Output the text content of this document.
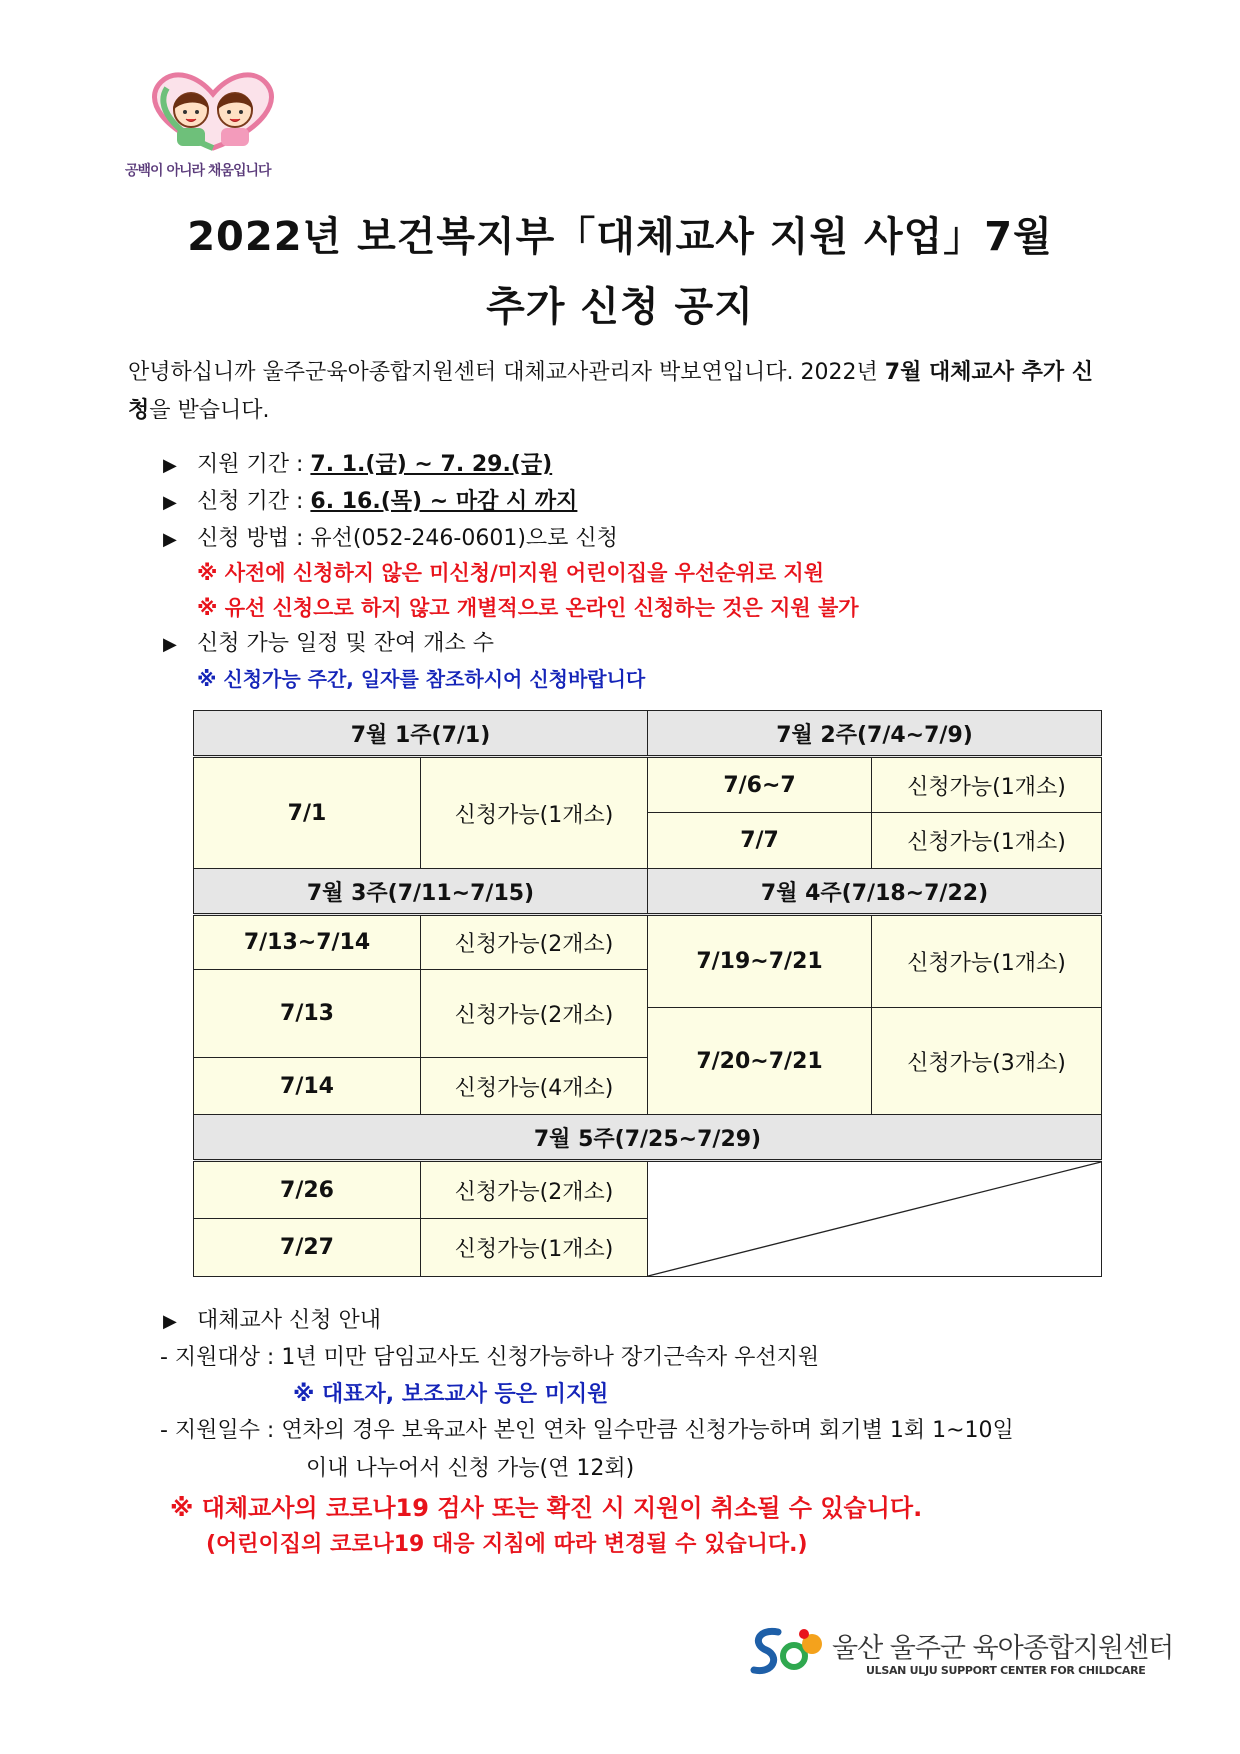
공백이 아니라 채움입니다
2022년 보건복지부「대체교사 지원 사업」7월
추가 신청 공지
안녕하십니까 울주군육아종합지원센터 대체교사관리자 박보연입니다. 2022년 7월 대체교사 추가 신청을 받습니다.
▶ 지원 기간 : 7. 1.(금) ~ 7. 29.(금)
▶ 신청 기간 : 6. 16.(목) ~ 마감 시 까지
▶ 신청 방법 : 유선(052-246-0601)으로 신청
※ 사전에 신청하지 않은 미신청/미지원 어린이집을 우선순위로 지원
※ 유선 신청으로 하지 않고 개별적으로 온라인 신청하는 것은 지원 불가
▶ 신청 가능 일정 및 잔여 개소 수
※ 신청가능 주간, 일자를 참조하시어 신청바랍니다
7월 1주(7/1)		7월 2주(7/4~7/9)	
7/1	신청가능(1개소)	7/6~7	신청가능(1개소)
		7/7	신청가능(1개소)
7월 3주(7/11~7/15)		7월 4주(7/18~7/22)	
7/13~7/14	신청가능(2개소)	7/19~7/21	신청가능(1개소)
7/13	신청가능(2개소)		
		7/20~7/21	신청가능(3개소)
7/14	신청가능(4개소)		
7월 5주(7/25~7/29)			
7/26	신청가능(2개소)	

7/27	신청가능(1개소)		
▶ 대체교사 신청 안내
- 지원대상 : 1년 미만 담임교사도 신청가능하나 장기근속자 우선지원
※ 대표자, 보조교사 등은 미지원
- 지원일수 : 연차의 경우 보육교사 본인 연차 일수만큼 신청가능하며 회기별 1회 1~10일
이내 나누어서 신청 가능(연 12회)
※ 대체교사의 코로나19 검사 또는 확진 시 지원이 취소될 수 있습니다.
(어린이집의 코로나19 대응 지침에 따라 변경될 수 있습니다.)
울산 울주군 육아종합지원센터
ULSAN ULJU SUPPORT CENTER FOR CHILDCARE
